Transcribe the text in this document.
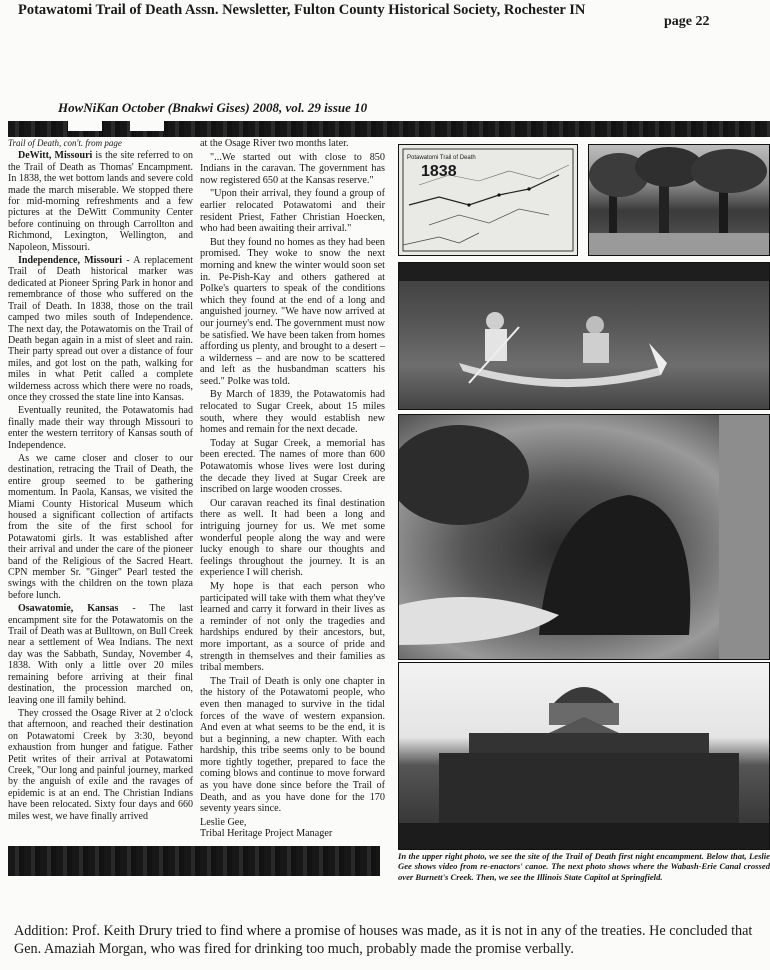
Potawatomi Trail of Death Assn. Newsletter, Fulton County Historical Society, Rochester IN
page 22
HowNiKan October (Bnakwi Gises) 2008, vol. 29 issue 10

Trail of Death, con't. from page

DeWitt, Missouri is the site referred to on the Trail of Death as Thomas' Encampment. In 1838, the wet bottom lands and severe cold made the march miserable. We stopped there for mid-morning refreshments and a few pictures at the DeWitt Community Center before continuing on through Carrollton and Richmond, Lexington, Wellington, and Napoleon, Missouri.

Independence, Missouri - A replacement Trail of Death historical marker was dedicated at Pioneer Spring Park in honor and remembrance of those who suffered on the Trail of Death. In 1838, those on the trail camped two miles south of Independence. The next day, the Potawatomis on the Trail of Death began again in a mist of sleet and rain. Their party spread out over a distance of four miles, and got lost on the path, walking for miles in what Petit called a complete wilderness across which there were no roads, once they crossed the state line into Kansas.

Eventually reunited, the Potawatomis had finally made their way through Missouri to enter the western territory of Kansas south of Independence.

As we came closer and closer to our destination, retracing the Trail of Death, the entire group seemed to be gathering momentum. In Paola, Kansas, we visited the Miami County Historical Museum which housed a significant collection of artifacts from the site of the first school for Potawatomi girls. It was established after their arrival and under the care of the pioneer band of the Religious of the Sacred Heart. CPN member Sr. "Ginger" Pearl tested the swings with the children on the town plaza before lunch.

Osawatomie, Kansas - The last encampment site for the Potawatomis on the Trail of Death was at Bulltown, on Bull Creek near a settlement of Wea Indians. The next day was the Sabbath, Sunday, November 4, 1838. With only a little over 20 miles remaining before arriving at their final destination, the procession marched on, leaving one ill family behind.

They crossed the Osage River at 2 o'clock that afternoon, and reached their destination on Potawatomi Creek by 3:30, beyond exhaustion from hunger and fatigue. Father Petit writes of their arrival at Potawatomi Creek, "Our long and painful journey, marked by the anguish of exile and the ravages of epidemic is at an end. The Christian Indians have been relocated. Sixty four days and 660 miles west, we have finally arrived

at the Osage River two months later.

"...We started out with close to 850 Indians in the caravan. The government has now registered 650 at the Kansas reserve."

"Upon their arrival, they found a group of earlier relocated Potawatomi and their resident Priest, Father Christian Hoecken, who had been awaiting their arrival."

But they found no homes as they had been promised. They woke to snow the next morning and knew the winter would soon set in. Pe-Pish-Kay and others gathered at Polke's quarters to speak of the conditions which they found at the end of a long and anguished journey. "We have now arrived at our journey's end. The government must now be satisfied. We have been taken from homes affording us plenty, and brought to a desert – a wilderness – and are now to be scattered and left as the husbandman scatters his seed." Polke was told.

By March of 1839, the Potawatomis had relocated to Sugar Creek, about 15 miles south, where they would establish new homes and remain for the next decade.

Today at Sugar Creek, a memorial has been erected. The names of more than 600 Potawatomis whose lives were lost during the decade they lived at Sugar Creek are inscribed on large wooden crosses.

Our caravan reached its final destination there as well. It had been a long and intriguing journey for us. We met some wonderful people along the way and were lucky enough to share our thoughts and feelings throughout the journey. It is an experience I will cherish.

My hope is that each person who participated will take with them what they've learned and carry it forward in their lives as a reminder of not only the tragedies and hardships endured by their ancestors, but, more important, as a source of pride and strength in themselves and their families as tribal members.

The Trail of Death is only one chapter in the history of the Potawatomi people, who even then managed to survive in the tidal forces of the wave of western expansion. And even at what seems to be the end, it is but a beginning, a new chapter. With each hardship, this tribe seems only to be bound more tightly together, prepared to face the coming blows and continue to move forward as you have done since before the Trail of Death, and as you have done for the 170 seventy years since.

Leslie Gee,

Tribal Heritage Project Manager

Potawatomi Trail of Death
1838
In the upper right photo, we see the site of the Trail of Death first night encampment. Below that, Leslie Gee shows video from re-enactors' canoe. The next photo shows where the Wabash-Erie Canal crossed over Burnett's Creek. Then, we see the Illinois State Capitol at Springfield.
Addition: Prof. Keith Drury tried to find where a promise of houses was made, as it is not in any of the treaties. He concluded that Gen. Amaziah Morgan, who was fired for drinking too much, probably made the promise verbally.
